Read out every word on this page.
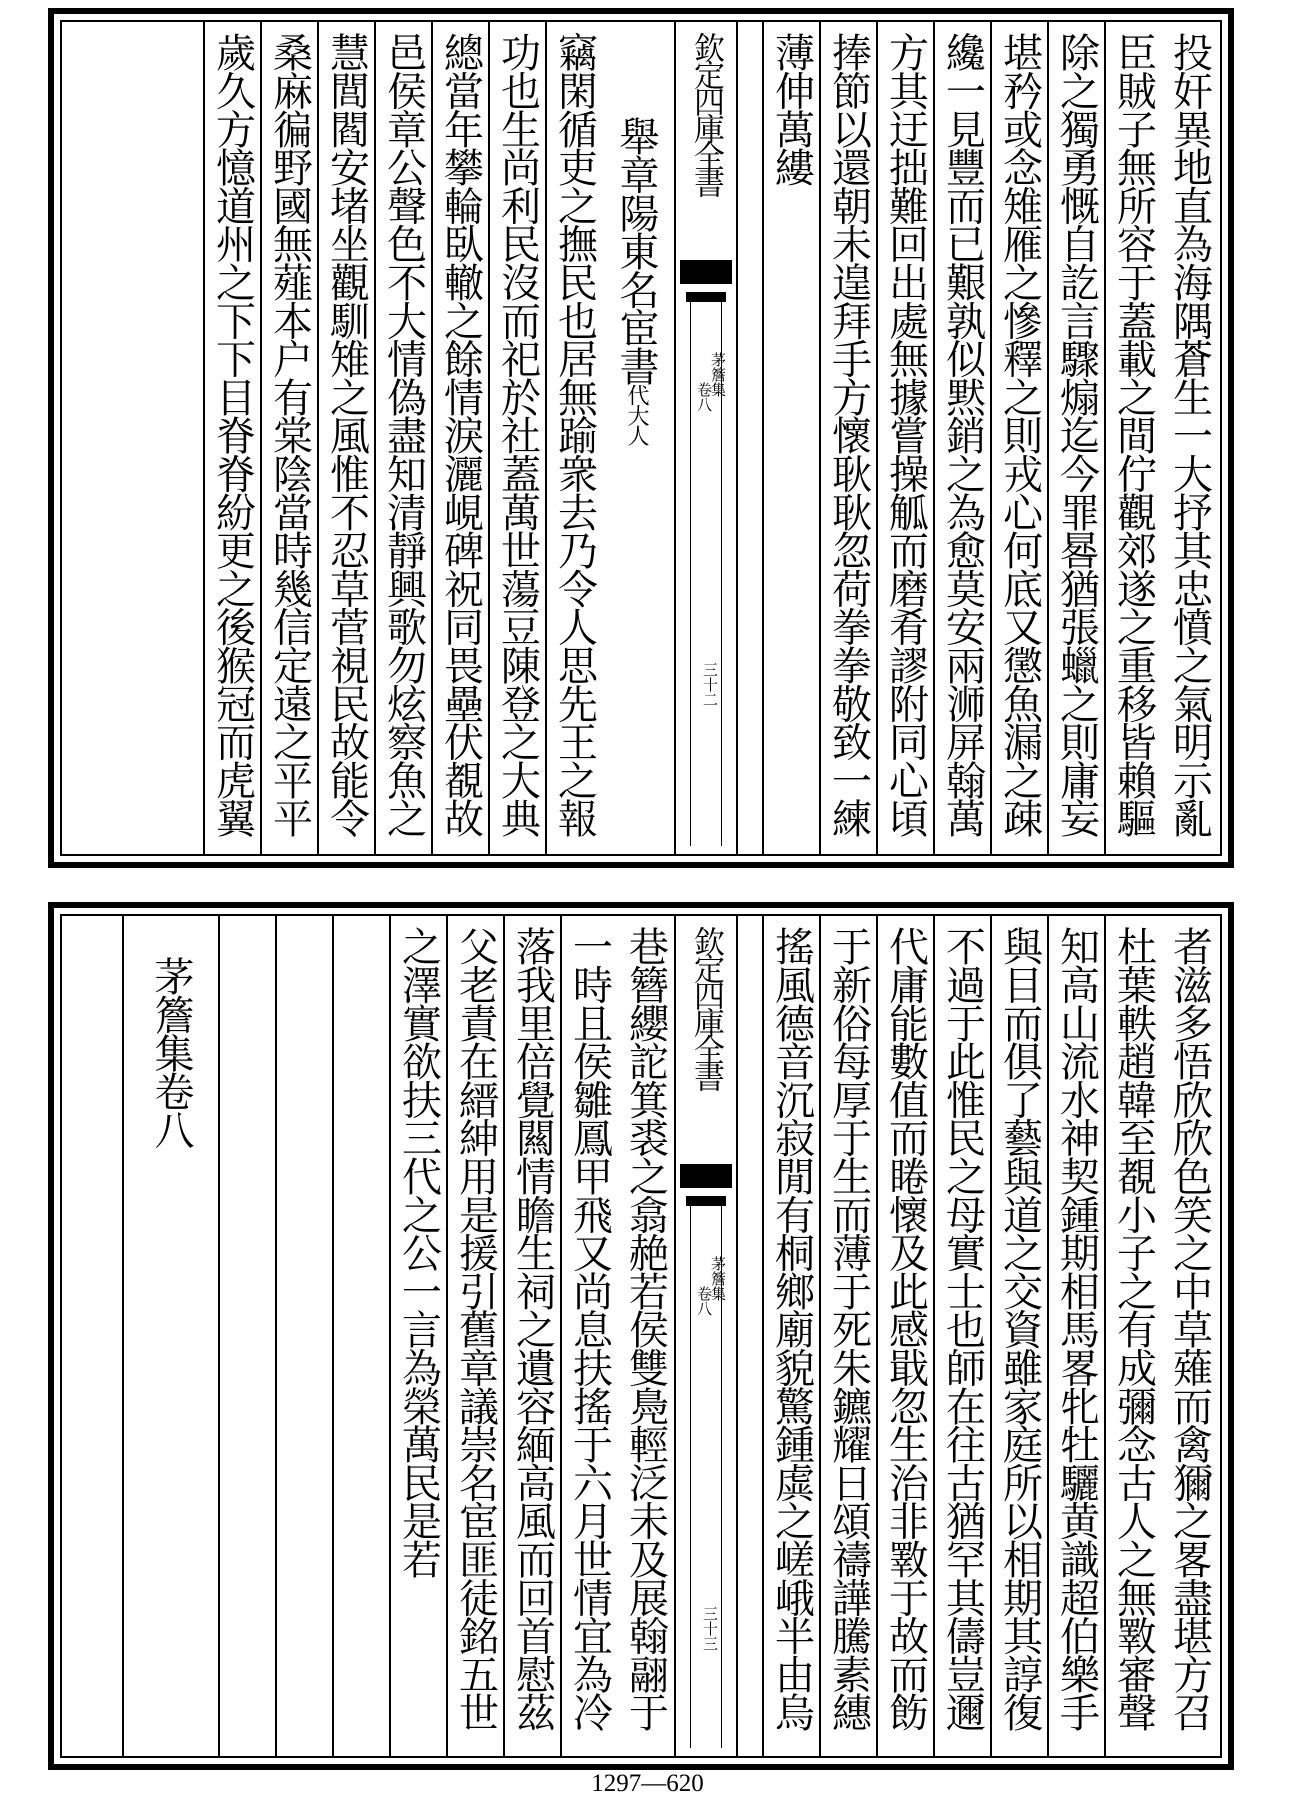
投奸異地直為海隅蒼生一大抒其忠憤之氣明示亂
臣賊子無所容于蓋載之間佇觀郊遂之重移皆賴驅
除之獨勇慨自訖言驟煽迄今罪晷猶張蠟之則庸妄
堪矜或念雉雁之慘釋之則戎心何底又懲魚漏之疎
纔一見豐而已艱孰似黙銷之為愈莫安兩浉屏翰萬
方其迂拙難回出處無據嘗操觚而磨肴謬附同心頃
捧節以還朝未遑拜手方懷耿耿忽荷拳拳敬致一練
薄伸萬縷
欽定四庫全書
茅簷集
卷八
三十二
舉章陽東名宦書代大人
竊閑循吏之撫民也居無踰衆去乃令人思先王之報
功也生尚利民沒而祀於社蓋萬世蕩豆陳登之大典
總當年攀輪臥轍之餘情淚灑峴碑祝同畏壘伏覩故
邑侯章公聲色不大情偽盡知清靜興歌勿炫察魚之
慧閭閻安堵坐觀馴雉之風惟不忍草菅視民故能令
桑麻徧野國無薤本户有棠陰當時幾信定遠之平平
歲久方憶道州之下下目脊脊紛更之後猴冠而虎翼
者滋多悟欣欣色笑之中草薙而禽獮之畧盡堪方召
杜葉軼趙韓至覩小子之有成彌念古人之無斁審聲
知高山流水神契鍾期相馬畧牝牡驪黄識超伯樂手
與目而俱了藝與道之交資雖家庭所以相期其諄復
不過于此惟民之母實士也師在往古猶罕其儔豈邇
代庸能數值而睠懷及此感戢忽生治非斁于故而飭
于新俗每厚于生而薄于死朱鑣耀日頌禱譁騰素繐
搖風德音沉寂閒有桐鄉廟貌驚鍾虡之嵯峨半由烏
欽定四庫全書
茅簷集
卷八
三十三
巷簪纓詑箕裘之翕赩若侯雙鳧輕泛未及展翰翮于
一時且侯雛鳳甲飛又尚息扶搖于六月世情宜為冷
落我里倍覺闗情瞻生祠之遺容緬高風而回首慰茲
父老責在縉紳用是援引舊章議崇名宦匪徒銘五世
之澤實欲扶三代之公一言為榮萬民是若
茅簷集卷八
1297—620
